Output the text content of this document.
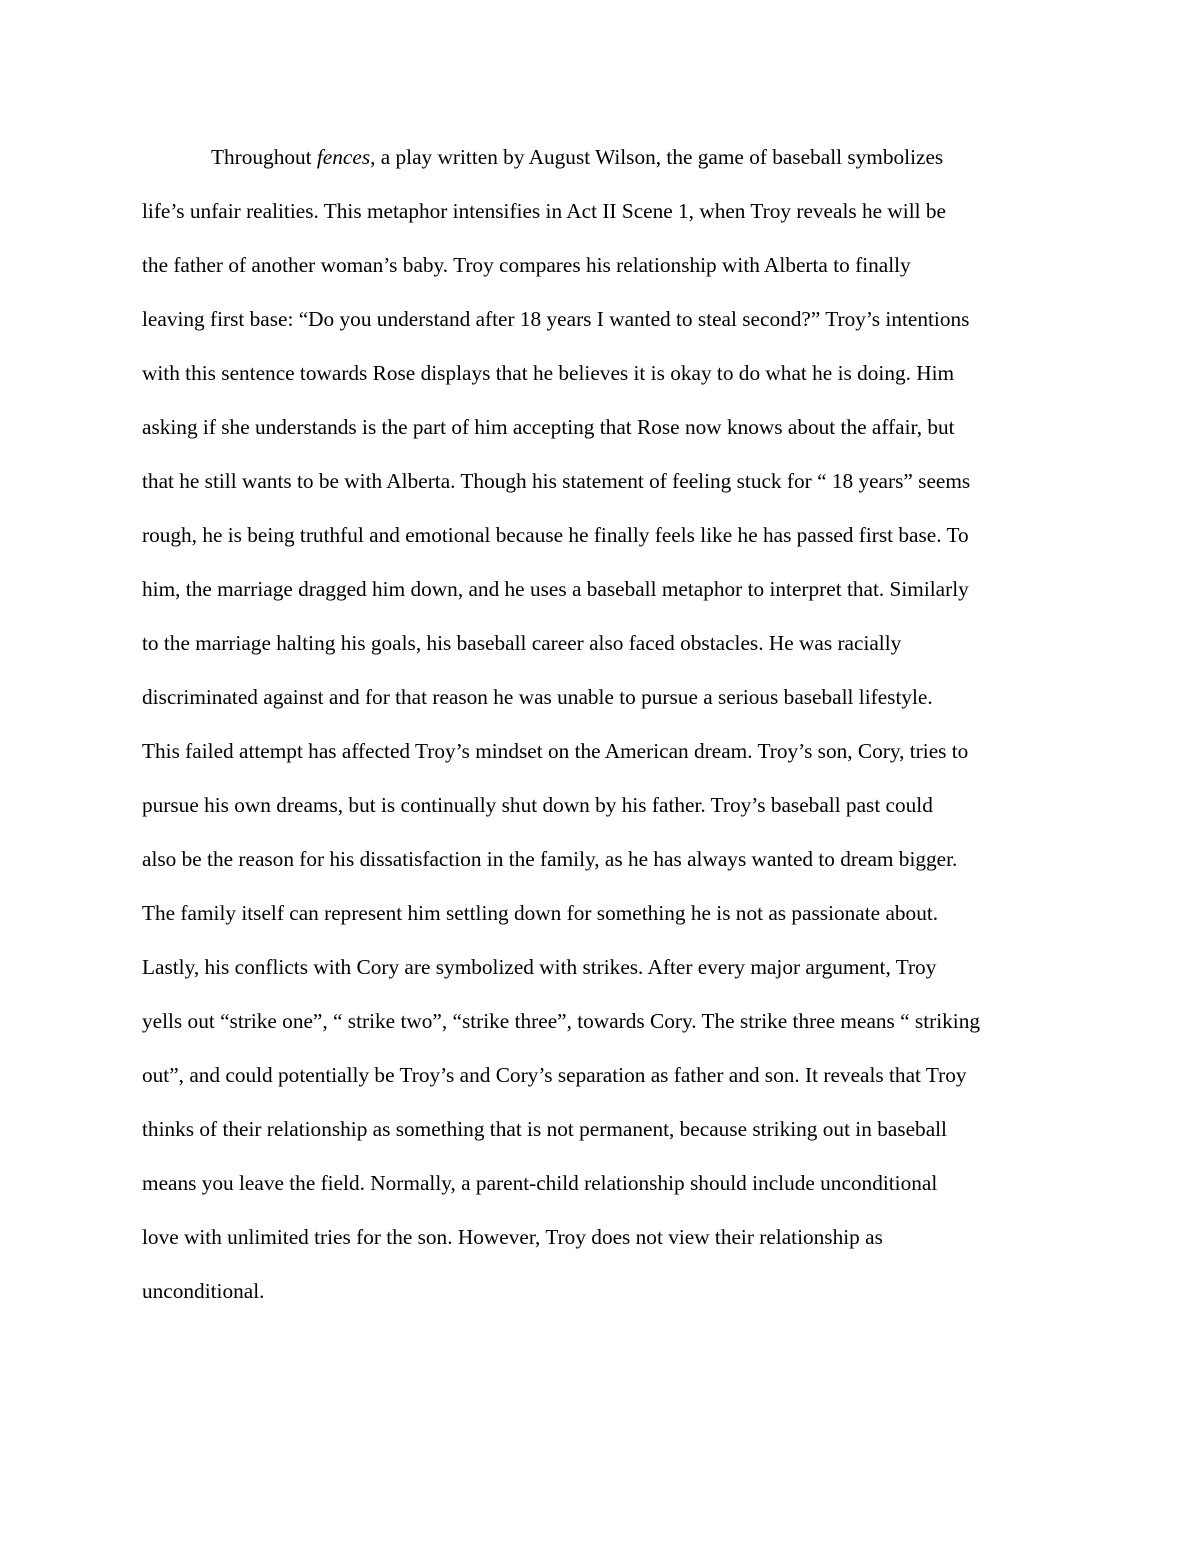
Throughout fences, a play written by August Wilson, the game of baseball symbolizes
life’s unfair realities. This metaphor intensifies in Act II Scene 1, when Troy reveals he will be
the father of another woman’s baby. Troy compares his relationship with Alberta to finally
leaving first base: “Do you understand after 18 years I wanted to steal second?” Troy’s intentions
with this sentence towards Rose displays that he believes it is okay to do what he is doing. Him
asking if she understands is the part of him accepting that Rose now knows about the affair, but
that he still wants to be with Alberta. Though his statement of feeling stuck for “ 18 years” seems
rough, he is being truthful and emotional because he finally feels like he has passed first base. To
him, the marriage dragged him down, and he uses a baseball metaphor to interpret that. Similarly
to the marriage halting his goals, his baseball career also faced obstacles. He was racially
discriminated against and for that reason he was unable to pursue a serious baseball lifestyle.
This failed attempt has affected Troy’s mindset on the American dream. Troy’s son, Cory, tries to
pursue his own dreams, but is continually shut down by his father. Troy’s baseball past could
also be the reason for his dissatisfaction in the family, as he has always wanted to dream bigger.
The family itself can represent him settling down for something he is not as passionate about.
Lastly, his conflicts with Cory are symbolized with strikes. After every major argument, Troy
yells out “strike one”, “ strike two”, “strike three”, towards Cory. The strike three means “ striking
out”, and could potentially be Troy’s and Cory’s separation as father and son. It reveals that Troy
thinks of their relationship as something that is not permanent, because striking out in baseball
means you leave the field. Normally, a parent-child relationship should include unconditional
love with unlimited tries for the son. However, Troy does not view their relationship as
unconditional.
